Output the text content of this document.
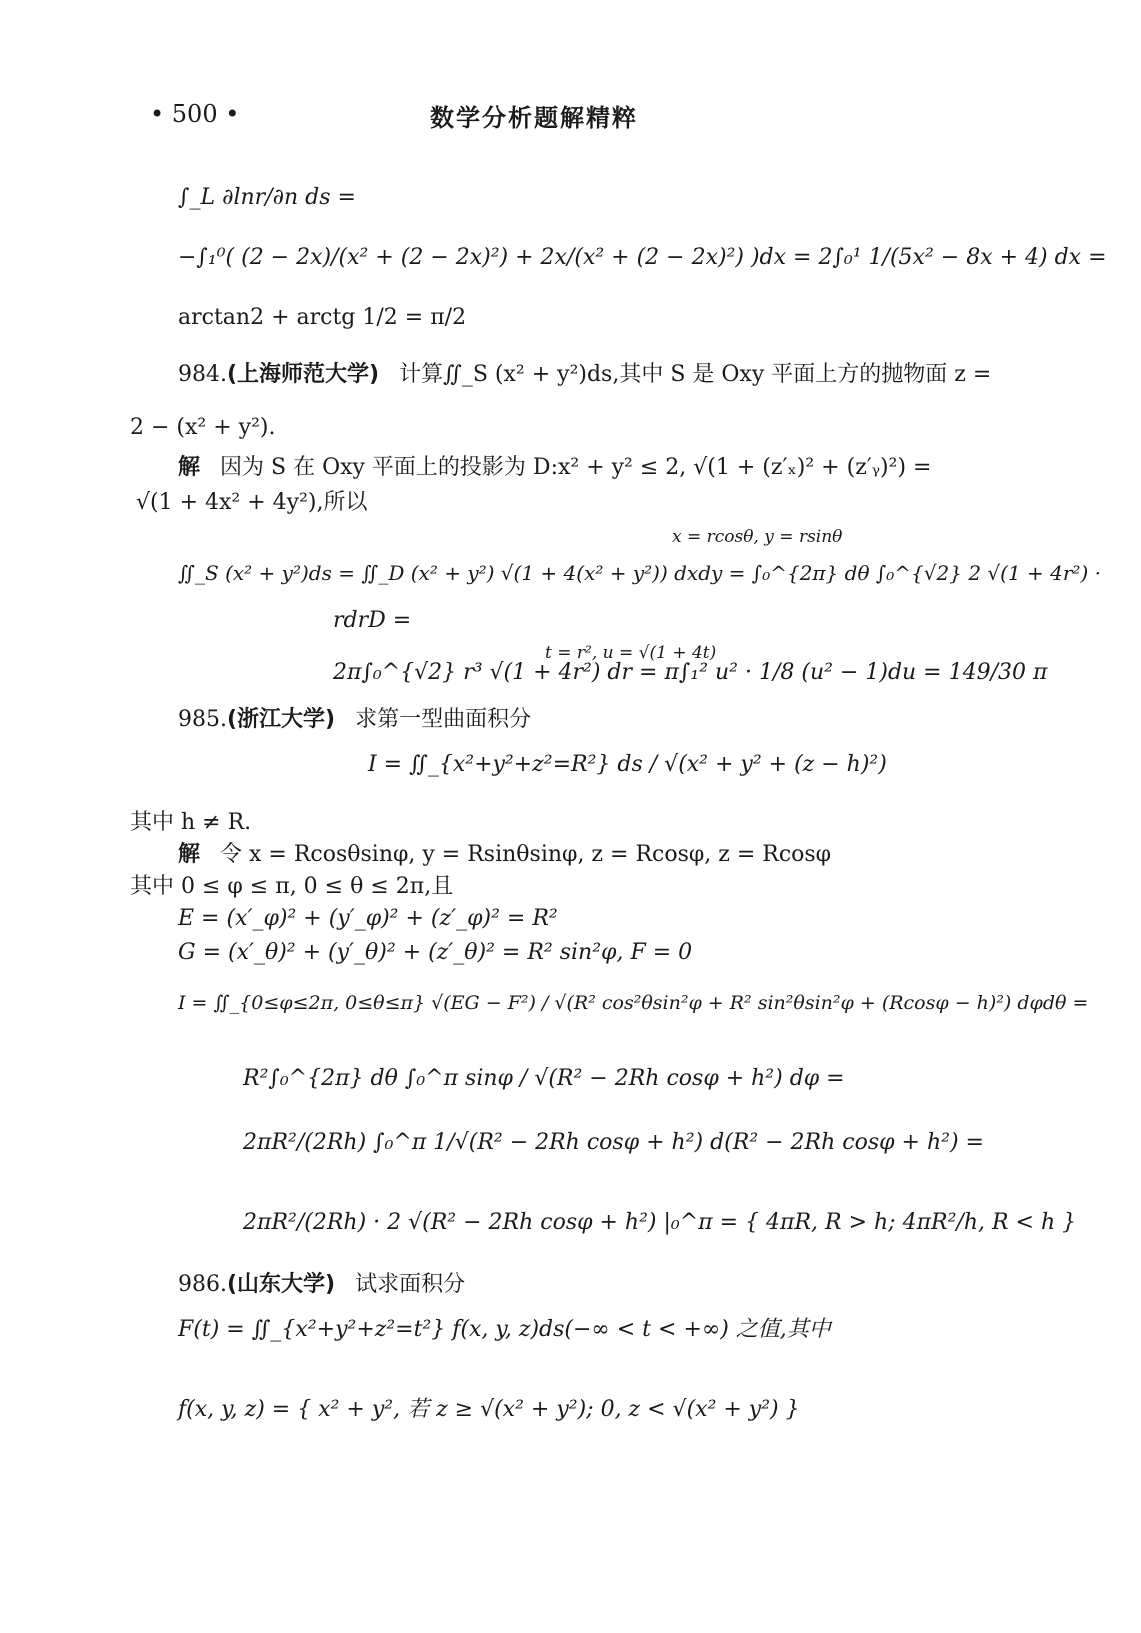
• 500 •	数学分析题解精粹
∫_L ∂lnr/∂n ds =
−∫₁⁰( (2 − 2x)/(x² + (2 − 2x)²) + 2x/(x² + (2 − 2x)²) )dx = 2∫₀¹ 1/(5x² − 8x + 4) dx =
arctan2 + arctg 1/2 = π/2
984.(上海师范大学) 计算∬_S (x² + y²)ds,其中 S 是 Oxy 平面上方的抛物面 z =
2 − (x² + y²).
解 因为 S 在 Oxy 平面上的投影为 D:x² + y² ≤ 2, √(1 + (z′ₓ)² + (z′ᵧ)²) =
√(1 + 4x² + 4y²),所以
x = rcosθ, y = rsinθ
∬_S (x² + y²)ds = ∬_D (x² + y²) √(1 + 4(x² + y²)) dxdy = ∫₀^{2π} dθ ∫₀^{√2} 2 √(1 + 4r²) ·
rdrD =
t = r², u = √(1 + 4t)
2π∫₀^{√2} r³ √(1 + 4r²) dr = π∫₁² u² · 1/8 (u² − 1)du = 149/30 π
985.(浙江大学) 求第一型曲面积分
I = ∬_{x²+y²+z²=R²} ds / √(x² + y² + (z − h)²)
其中 h ≠ R.
解 令 x = Rcosθsinφ, y = Rsinθsinφ, z = Rcosφ, z = Rcosφ
其中 0 ≤ φ ≤ π, 0 ≤ θ ≤ 2π,且
E = (x′_φ)² + (y′_φ)² + (z′_φ)² = R²
G = (x′_θ)² + (y′_θ)² + (z′_θ)² = R² sin²φ, F = 0
I = ∬_{0≤φ≤2π, 0≤θ≤π} √(EG − F²) / √(R² cos²θsin²φ + R² sin²θsin²φ + (Rcosφ − h)²) dφdθ =
R²∫₀^{2π} dθ ∫₀^π sinφ / √(R² − 2Rh cosφ + h²) dφ =
2πR²/(2Rh) ∫₀^π 1/√(R² − 2Rh cosφ + h²) d(R² − 2Rh cosφ + h²) =
2πR²/(2Rh) · 2 √(R² − 2Rh cosφ + h²) |₀^π = { 4πR, R > h; 4πR²/h, R < h }
986.(山东大学) 试求面积分
F(t) = ∬_{x²+y²+z²=t²} f(x, y, z)ds(−∞ < t < +∞) 之值,其中
f(x, y, z) = { x² + y², 若 z ≥ √(x² + y²); 0, z < √(x² + y²) }
